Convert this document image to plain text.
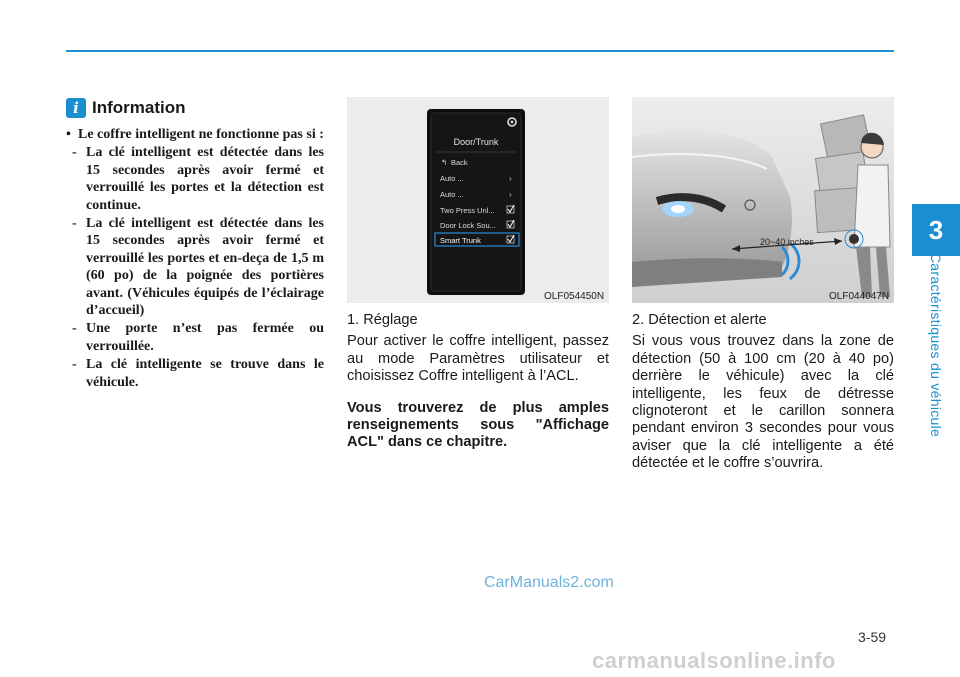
3
Caractéristiques du véhicule
i Information
• Le coffre intelligent ne fonctionne pas si :
- La clé intelligent est détectée dans les 15 secondes après avoir fermé et verrouillé les portes et la détection est continue.
- La clé intelligent est détectée dans les 15 secondes après avoir fermé et verrouillé les portes et en-deça de 1,5 m (60 po) de la poignée des portières avant. (Véhicules équipés de l’éclairage d’accueil)
- Une porte n’est pas fermée ou verrouillée.
- La clé intelligente se trouve dans le véhicule.
Door/Trunk
↰ Back
Auto ...	›
Auto ...	›
Two Press Unl...
Door Lock Sou...
Smart Trunk
OLF054450N
20~40 inches
OLF044047N
1. Réglage
Pour activer le coffre intelligent, passez au mode Paramètres utilisateur et choisissez Coffre intelligent à l’ACL.
Vous trouverez de plus amples renseignements sous "Affichage ACL" dans ce chapitre.
2. Détection et alerte
Si vous vous trouvez dans la zone de détection (50 à 100 cm (20 à 40 po) derrière le véhicule) avec la clé intelligente, les feux de détresse clignoteront et le carillon sonnera pendant environ 3 secondes pour vous aviser que la clé intelligente a été détectée et le coffre s’ouvrira.
CarManuals2.com
3-59
carmanualsonline.info
